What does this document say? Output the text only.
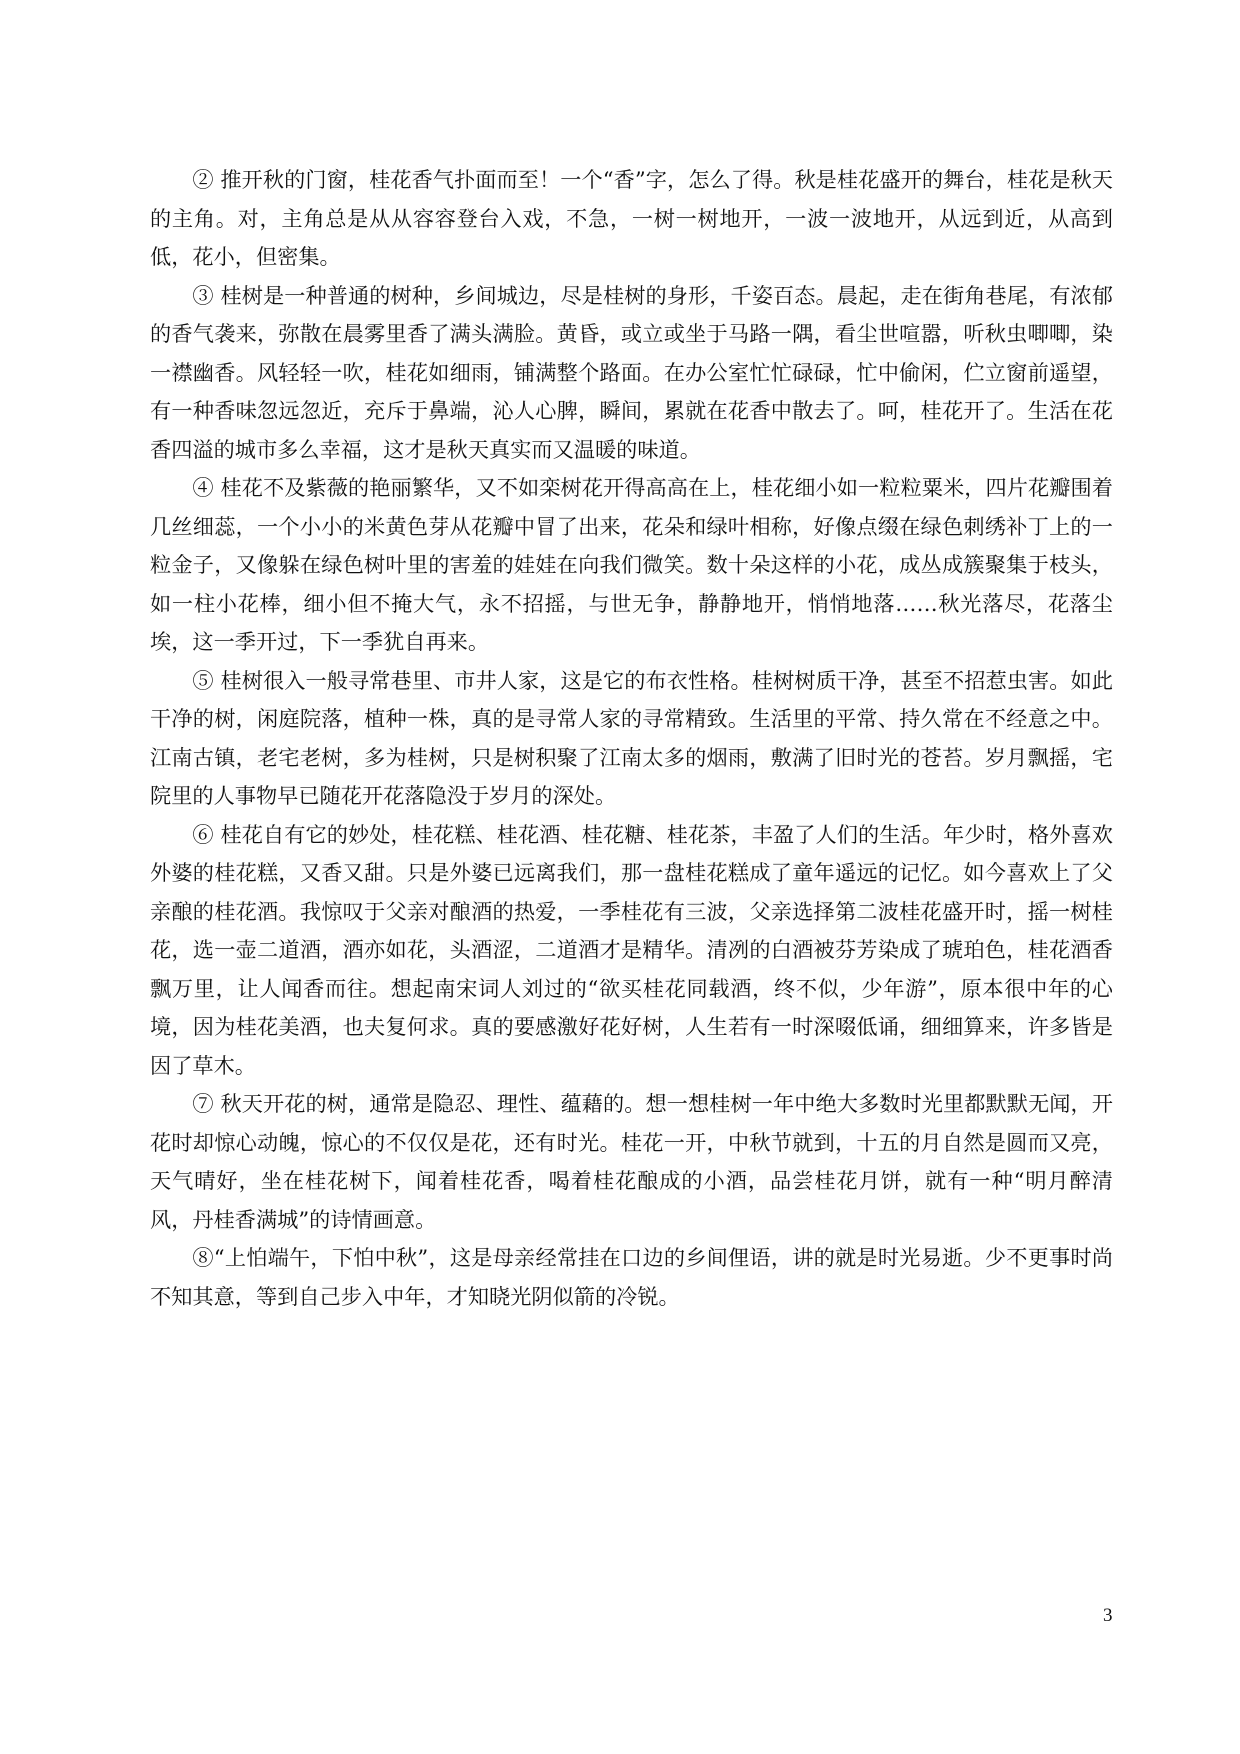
② 推开秋的门窗，桂花香气扑面而至！一个“香”字，怎么了得。秋是桂花盛开的舞台，桂花是秋天的主角。对，主角总是从从容容登台入戏，不急，一树一树地开，一波一波地开，从远到近，从高到低，花小，但密集。

③ 桂树是一种普通的树种，乡间城边，尽是桂树的身形，千姿百态。晨起，走在街角巷尾，有浓郁的香气袭来，弥散在晨雾里香了满头满脸。黄昏，或立或坐于马路一隅，看尘世喧嚣，听秋虫唧唧，染一襟幽香。风轻轻一吹，桂花如细雨，铺满整个路面。在办公室忙忙碌碌，忙中偷闲，伫立窗前遥望，有一种香味忽远忽近，充斥于鼻端，沁人心脾，瞬间，累就在花香中散去了。呵，桂花开了。生活在花香四溢的城市多么幸福，这才是秋天真实而又温暖的味道。

④ 桂花不及紫薇的艳丽繁华，又不如栾树花开得高高在上，桂花细小如一粒粒粟米，四片花瓣围着几丝细蕊，一个小小的米黄色芽从花瓣中冒了出来，花朵和绿叶相称，好像点缀在绿色刺绣补丁上的一粒金子，又像躲在绿色树叶里的害羞的娃娃在向我们微笑。数十朵这样的小花，成丛成簇聚集于枝头，如一柱小花棒，细小但不掩大气，永不招摇，与世无争，静静地开，悄悄地落……秋光落尽，花落尘埃，这一季开过，下一季犹自再来。

⑤ 桂树很入一般寻常巷里、市井人家，这是它的布衣性格。桂树树质干净，甚至不招惹虫害。如此干净的树，闲庭院落，植种一株，真的是寻常人家的寻常精致。生活里的平常、持久常在不经意之中。江南古镇，老宅老树，多为桂树，只是树积聚了江南太多的烟雨，敷满了旧时光的苍苔。岁月飘摇，宅院里的人事物早已随花开花落隐没于岁月的深处。

⑥ 桂花自有它的妙处，桂花糕、桂花酒、桂花糖、桂花茶，丰盈了人们的生活。年少时，格外喜欢外婆的桂花糕，又香又甜。只是外婆已远离我们，那一盘桂花糕成了童年遥远的记忆。如今喜欢上了父亲酿的桂花酒。我惊叹于父亲对酿酒的热爱，一季桂花有三波，父亲选择第二波桂花盛开时，摇一树桂花，选一壶二道酒，酒亦如花，头酒涩，二道酒才是精华。清冽的白酒被芬芳染成了琥珀色，桂花酒香飘万里，让人闻香而往。想起南宋词人刘过的“欲买桂花同载酒，终不似，少年游”，原本很中年的心境，因为桂花美酒，也夫复何求。真的要感激好花好树，人生若有一时深啜低诵，细细算来，许多皆是因了草木。

⑦ 秋天开花的树，通常是隐忍、理性、蕴藉的。想一想桂树一年中绝大多数时光里都默默无闻，开花时却惊心动魄，惊心的不仅仅是花，还有时光。桂花一开，中秋节就到，十五的月自然是圆而又亮，天气晴好，坐在桂花树下，闻着桂花香，喝着桂花酿成的小酒，品尝桂花月饼，就有一种“明月醉清风，丹桂香满城”的诗情画意。

⑧“上怕端午，下怕中秋”，这是母亲经常挂在口边的乡间俚语，讲的就是时光易逝。少不更事时尚不知其意，等到自己步入中年，才知晓光阴似箭的冷锐。

3
